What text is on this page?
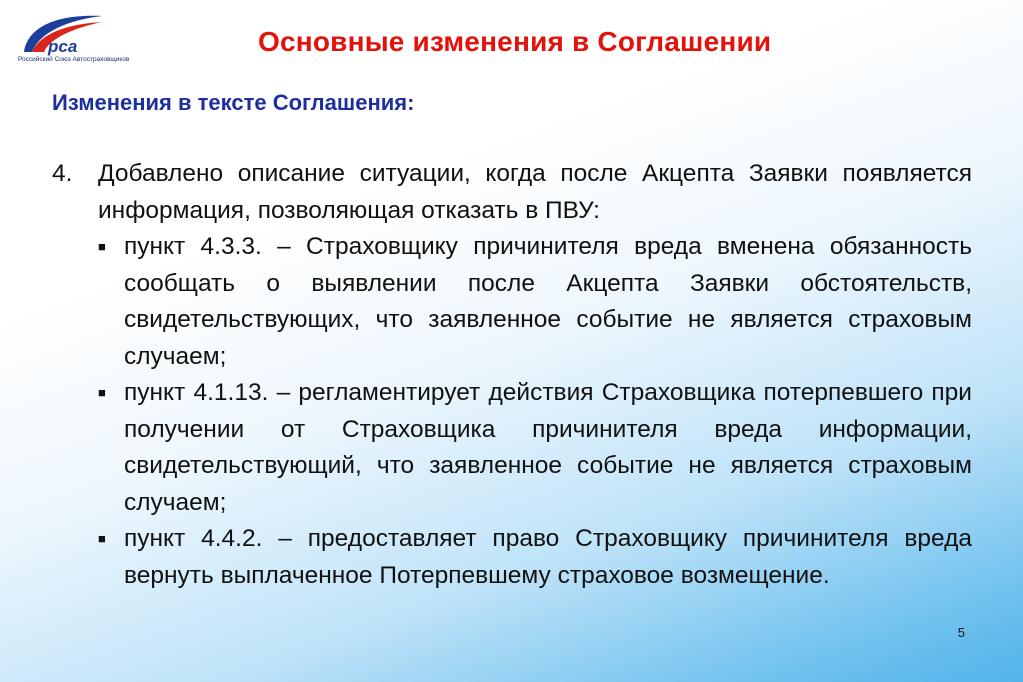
рсa
Российский Союз Автостраховщиков
Основные изменения в Соглашении
Изменения в тексте Соглашения:
4.	Добавлено описание ситуации, когда после Акцепта Заявки появляется информация, позволяющая отказать в ПВУ:
■ пункт 4.3.3. – Страховщику причинителя вреда вменена обязанность сообщать о выявлении после Акцепта Заявки обстоятельств, свидетельствующих, что заявленное событие не является страховым случаем;
■ пункт 4.1.13. – регламентирует действия Страховщика потерпевшего при получении от Страховщика причинителя вреда информации, свидетельствующий, что заявленное событие не является страховым случаем;
■ пункт 4.4.2. – предоставляет право Страховщику причинителя вреда вернуть выплаченное Потерпевшему страховое возмещение.
5
